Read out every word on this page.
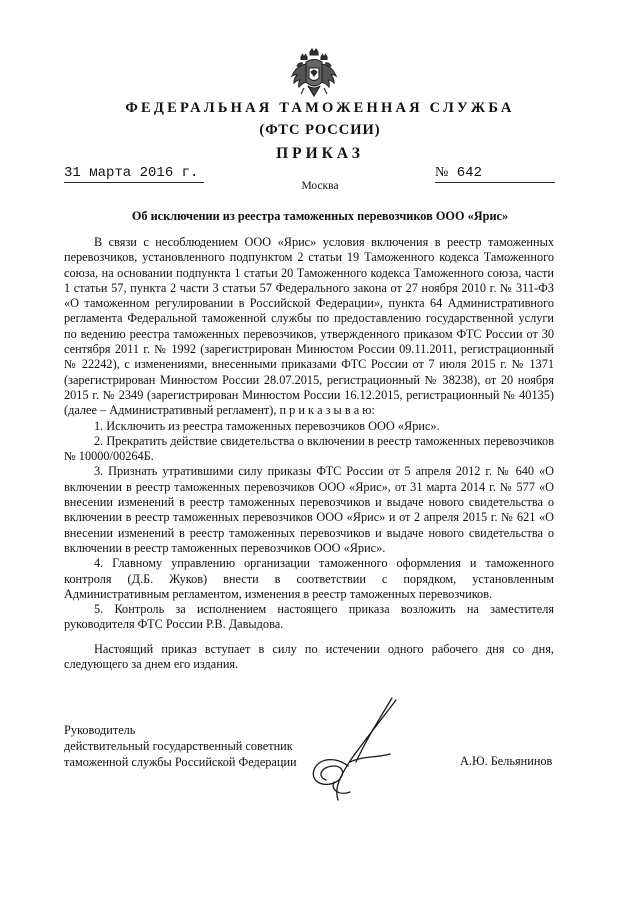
ФЕДЕРАЛЬНАЯ ТАМОЖЕННАЯ СЛУЖБА
(ФТС РОССИИ)
ПРИКАЗ
31 марта 2016 г.	№ 642
Москва
Об исключении из реестра таможенных перевозчиков ООО «Ярис»

В связи с несоблюдением ООО «Ярис» условия включения в реестр таможенных перевозчиков, установленного подпунктом 2 статьи 19 Таможенного кодекса Таможенного союза, на основании подпункта 1 статьи 20 Таможенного кодекса Таможенного союза, части 1 статьи 57, пункта 2 части 3 статьи 57 Федерального закона от 27 ноября 2010 г. № 311-ФЗ «О таможенном регулировании в Российской Федерации», пункта 64 Административного регламента Федеральной таможенной службы по предоставлению государственной услуги по ведению реестра таможенных перевозчиков, утвержденного приказом ФТС России от 30 сентября 2011 г. № 1992 (зарегистрирован Минюстом России 09.11.2011, регистрационный № 22242), с изменениями, внесенными приказами ФТС России от 7 июля 2015 г. № 1371 (зарегистрирован Минюстом России 28.07.2015, регистрационный № 38238), от 20 ноября 2015 г. № 2349 (зарегистрирован Минюстом России 16.12.2015, регистрационный № 40135) (далее – Административный регламент), п р и к а з ы в а ю:

1. Исключить из реестра таможенных перевозчиков ООО «Ярис».

2. Прекратить действие свидетельства о включении в реестр таможенных перевозчиков № 10000/00264Б.

3. Признать утратившими силу приказы ФТС России от 5 апреля 2012 г. № 640 «О включении в реестр таможенных перевозчиков ООО «Ярис», от 31 марта 2014 г. № 577 «О внесении изменений в реестр таможенных перевозчиков и выдаче нового свидетельства о включении в реестр таможенных перевозчиков ООО «Ярис» и от 2 апреля 2015 г. № 621 «О внесении изменений в реестр таможенных перевозчиков и выдаче нового свидетельства о включении в реестр таможенных перевозчиков ООО «Ярис».

4. Главному управлению организации таможенного оформления и таможенного контроля (Д.Б. Жуков) внести в соответствии с порядком, установленным Административным регламентом, изменения в реестр таможенных перевозчиков.

5. Контроль за исполнением настоящего приказа возложить на заместителя руководителя ФТС России Р.В. Давыдова.

Настоящий приказ вступает в силу по истечении одного рабочего дня со дня, следующего за днем его издания.

Руководитель
действительный государственный советник
таможенной службы Российской Федерации	А.Ю. Бельянинов
